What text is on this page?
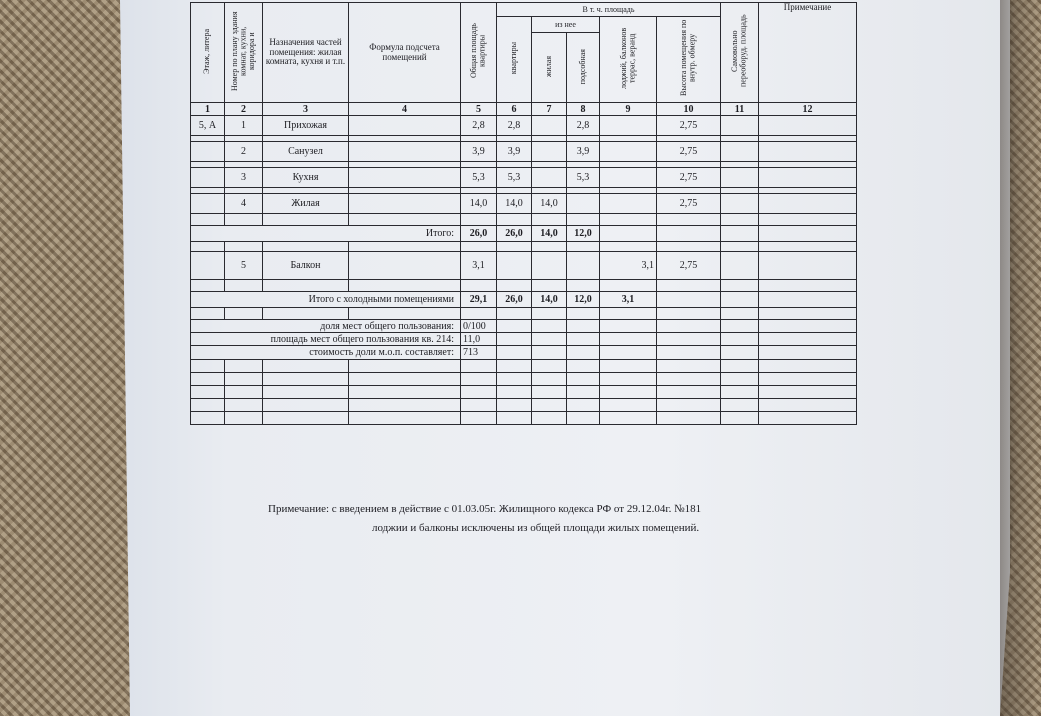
Этаж, литера	Номер по плану здания комнат, кухни, коридора и	Назначения частей помещения: жилая комната, кухня и т.п.	Формула подсчета помещений	Общая площадь квартиры	В т. ч. площадь					Самовольно переоборуд. площадь	Примечание
					квартиры	из нее		лоджий, балконов террас, веранд	Высота помещения по внутр. обмеру		
						жилая	подсобная				
1	2	3	4	5	6	7	8	9	10	11	12
5, А	1	Прихожая		2,8	2,8		2,8		2,75		

	2	Санузел		3,9	3,9		3,9		2,75		

	3	Кухня		5,3	5,3		5,3		2,75		

	4	Жилая		14,0	14,0	14,0			2,75		

Итого:				26,0	26,0	14,0	12,0				

	5	Балкон		3,1				3,1	2,75		

Итого с холодными помещениями				29,1	26,0	14,0	12,0	3,1			

доля мест общего пользования:				0/100							
площадь мест общего пользования кв. 214:				11,0							
стоимость доли м.о.п. составляет:				713							

Примечание: с введением в действие с 01.03.05г. Жилищного кодекса РФ от 29.12.04г. №181
лоджии и балконы исключены из общей площади жилых помещений.
